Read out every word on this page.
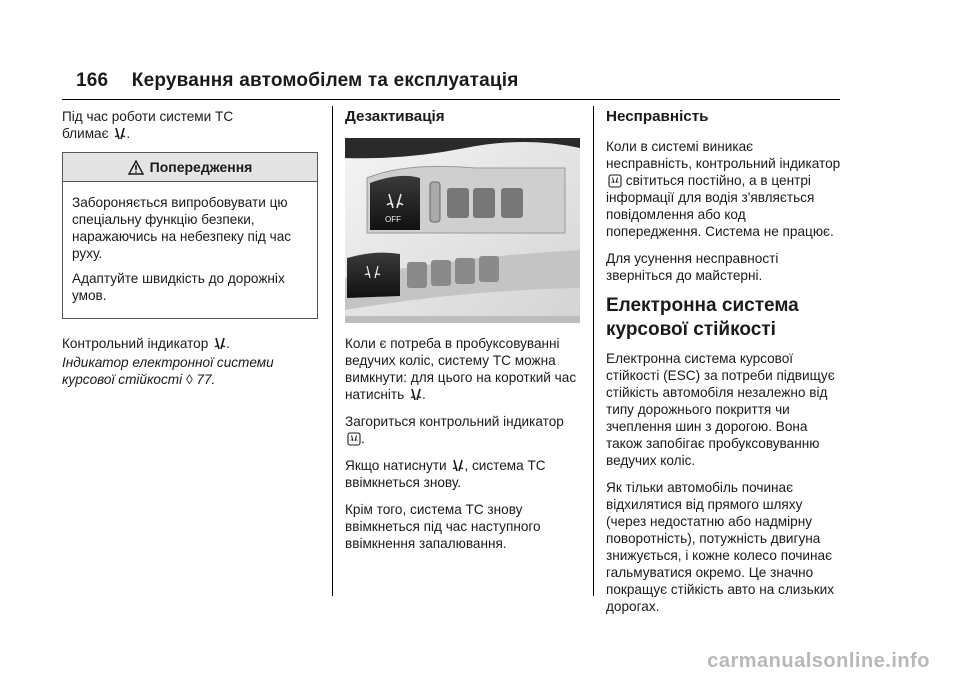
166 Керування автомобілем та експлуатація

Під час роботи системи TC
блимає .

Попередження

Забороняється випробовувати цю спеціальну функцію безпеки, наражаючись на небезпеку під час руху.

Адаптуйте швидкість до дорожніх умов.

Контрольний індикатор .

Індикатор електронної системи курсової стійкості ◊ 77.

Дезактивація
OFF

Коли є потреба в пробуксовуванні ведучих коліс, систему TC можна вимкнути: для цього на короткий час натисніть .

Загориться контрольний індикатор .

Якщо натиснути , система TC ввімкнеться знову.

Крім того, система TC знову ввімкнеться під час наступного ввімкнення запалювання.

Несправність

Коли в системі виникає несправність, контрольний індикатор  світиться постійно, а в центрі інформації для водія з'являється повідомлення або код попередження. Система не працює.

Для усунення несправності зверніться до майстерні.

Електронна система курсової стійкості

Електронна система курсової стійкості (ESC) за потреби підвищує стійкість автомобіля незалежно від типу дорожнього покриття чи зчеплення шин з дорогою. Вона також запобігає пробуксовуванню ведучих коліс.

Як тільки автомобіль починає відхилятися від прямого шляху (через недостатню або надмірну поворотність), потужність двигуна знижується, і кожне колесо починає гальмуватися окремо. Це значно покращує стійкість авто на слизьких дорогах.

carmanualsonline.info
